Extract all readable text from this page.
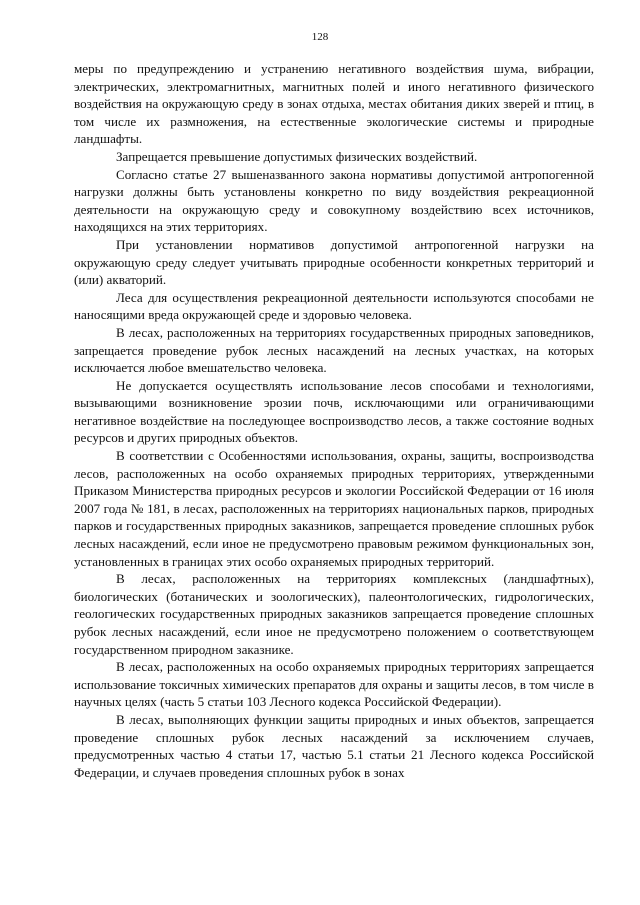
128

меры по предупреждению и устранению негативного воздействия шума, вибрации, электрических, электромагнитных, магнитных полей и иного негативного физического воздействия на окружающую среду в зонах отдыха, местах обитания диких зверей и птиц, в том числе их размножения, на естественные экологические системы и природные ландшафты.

Запрещается превышение допустимых физических воздействий.

Согласно статье 27 вышеназванного закона нормативы допустимой антропогенной нагрузки должны быть установлены конкретно по виду воздействия рекреационной деятельности на окружающую среду и совокупному воздействию всех источников, находящихся на этих территориях.

При установлении нормативов допустимой антропогенной нагрузки на окружающую среду следует учитывать природные особенности конкретных территорий и (или) акваторий.

Леса для осуществления рекреационной деятельности используются способами не наносящими вреда окружающей среде и здоровью человека.

В лесах, расположенных на территориях государственных природных заповедников, запрещается проведение рубок лесных насаждений на лесных участках, на которых исключается любое вмешательство человека.

Не допускается осуществлять использование лесов способами и технологиями, вызывающими возникновение эрозии почв, исключающими или ограничивающими негативное воздействие на последующее воспроизводство лесов, а также состояние водных ресурсов и других природных объектов.

В соответствии с Особенностями использования, охраны, защиты, воспроизводства лесов, расположенных на особо охраняемых природных территориях, утвержденными Приказом Министерства природных ресурсов и экологии Российской Федерации от 16 июля 2007 года № 181, в лесах, расположенных на территориях национальных парков, природных парков и государственных природных заказников, запрещается проведение сплошных рубок лесных насаждений, если иное не предусмотрено правовым режимом функциональных зон, установленных в границах этих особо охраняемых природных территорий.

В лесах, расположенных на территориях комплексных (ландшафтных), биологических (ботанических и зоологических), палеонтологических, гидрологических, геологических государственных природных заказников запрещается проведение сплошных рубок лесных насаждений, если иное не предусмотрено положением о соответствующем государственном природном заказнике.

В лесах, расположенных на особо охраняемых природных территориях запрещается использование токсичных химических препаратов для охраны и защиты лесов, в том числе в научных целях (часть 5 статьи 103 Лесного кодекса Российской Федерации).

В лесах, выполняющих функции защиты природных и иных объектов, запрещается проведение сплошных рубок лесных насаждений за исключением случаев, предусмотренных частью 4 статьи 17, частью 5.1 статьи 21 Лесного кодекса Российской Федерации, и случаев проведения сплошных рубок в зонах
